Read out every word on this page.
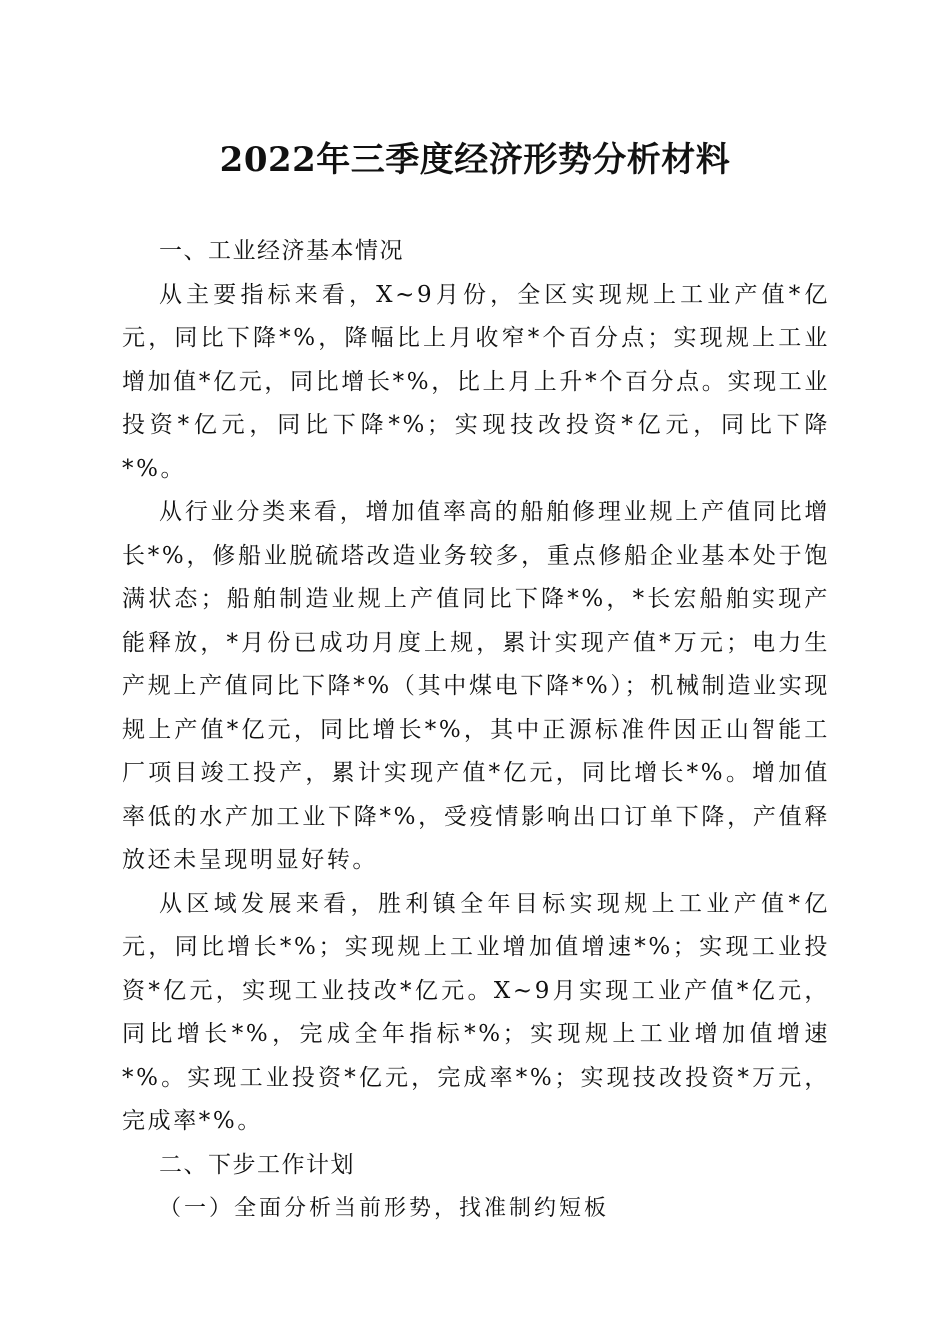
2022年三季度经济形势分析材料

一、工业经济基本情况

从主要指标来看，X~9月份，全区实现规上工业产值*亿元，同比下降*%，降幅比上月收窄*个百分点；实现规上工业增加值*亿元，同比增长*%，比上月上升*个百分点。实现工业投资*亿元，同比下降*%；实现技改投资*亿元，同比下降*%。

从行业分类来看，增加值率高的船舶修理业规上产值同比增长*%，修船业脱硫塔改造业务较多，重点修船企业基本处于饱满状态；船舶制造业规上产值同比下降*%，*长宏船舶实现产能释放，*月份已成功月度上规，累计实现产值*万元；电力生产规上产值同比下降*%（其中煤电下降*%）；机械制造业实现规上产值*亿元，同比增长*%，其中正源标准件因正山智能工厂项目竣工投产，累计实现产值*亿元，同比增长*%。增加值率低的水产加工业下降*%，受疫情影响出口订单下降，产值释放还未呈现明显好转。

从区域发展来看，胜利镇全年目标实现规上工业产值*亿元，同比增长*%；实现规上工业增加值增速*%；实现工业投资*亿元，实现工业技改*亿元。X~9月实现工业产值*亿元，同比增长*%，完成全年指标*%；实现规上工业增加值增速*%。实现工业投资*亿元，完成率*%；实现技改投资*万元，完成率*%。

二、下步工作计划

（一）全面分析当前形势，找准制约短板
